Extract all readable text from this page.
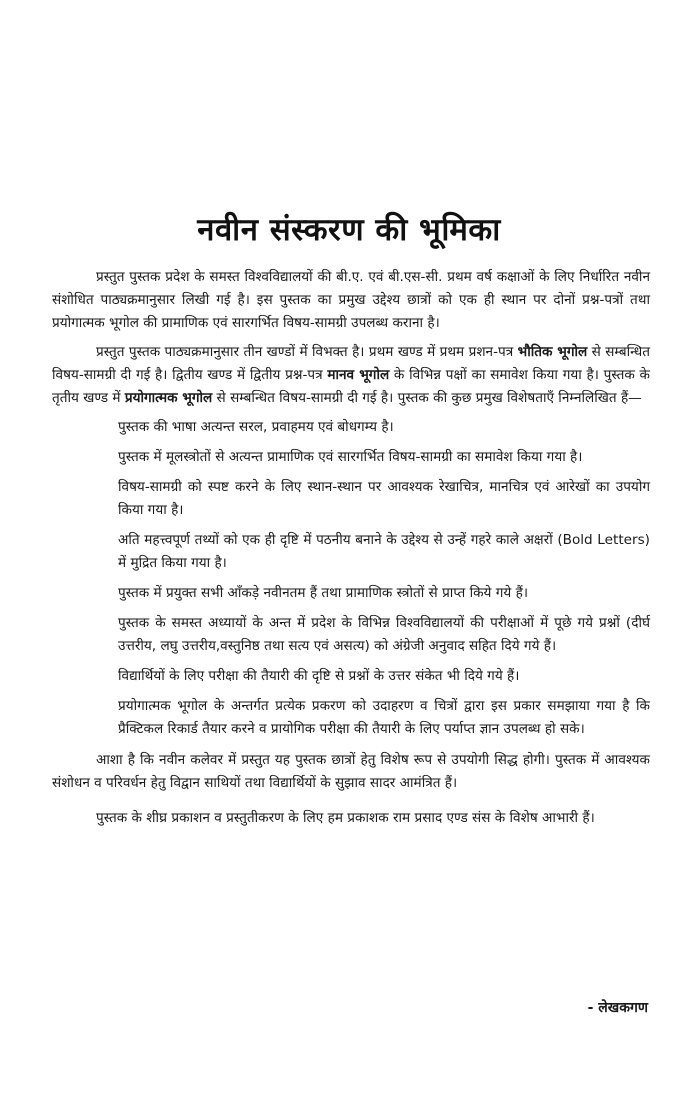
नवीन संस्करण की भूमिका

प्रस्तुत पुस्तक प्रदेश के समस्त विश्वविद्यालयों की बी.ए. एवं बी.एस-सी. प्रथम वर्ष कक्षाओं के लिए निर्धारित नवीन संशोधित पाठ्यक्रमानुसार लिखी गई है। इस पुस्तक का प्रमुख उद्देश्य छात्रों को एक ही स्थान पर दोनों प्रश्न-पत्रों तथा प्रयोगात्मक भूगोल की प्रामाणिक एवं सारगर्भित विषय-सामग्री उपलब्ध कराना है।

प्रस्तुत पुस्तक पाठ्यक्रमानुसार तीन खण्डों में विभक्त है। प्रथम खण्ड में प्रथम प्रशन-पत्र भौतिक भूगोल से सम्बन्धित विषय-सामग्री दी गई है। द्वितीय खण्ड में द्वितीय प्रश्न-पत्र मानव भूगोल के विभिन्न पक्षों का समावेश किया गया है। पुस्तक के तृतीय खण्ड में प्रयोगात्मक भूगोल से सम्बन्धित विषय-सामग्री दी गई है। पुस्तक की कुछ प्रमुख विशेषताएँ निम्नलिखित हैं—

पुस्तक की भाषा अत्यन्त सरल, प्रवाहमय एवं बोधगम्य है।
पुस्तक में मूलस्त्रोतों से अत्यन्त प्रामाणिक एवं सारगर्भित विषय-सामग्री का समावेश किया गया है।
विषय-सामग्री को स्पष्ट करने के लिए स्थान-स्थान पर आवश्यक रेखाचित्र, मानचित्र एवं आरेखों का उपयोग किया गया है।
अति महत्त्वपूर्ण तथ्यों को एक ही दृष्टि में पठनीय बनाने के उद्देश्य से उन्हें गहरे काले अक्षरों (Bold Letters) में मुद्रित किया गया है।
पुस्तक में प्रयुक्त सभी आँकड़े नवीनतम हैं तथा प्रामाणिक स्त्रोतों से प्राप्त किये गये हैं।
पुस्तक के समस्त अध्यायों के अन्त में प्रदेश के विभिन्न विश्वविद्यालयों की परीक्षाओं में पूछे गये प्रश्नों (दीर्घ उत्तरीय, लघु उत्तरीय,वस्तुनिष्ठ तथा सत्य एवं असत्य) को अंग्रेजी अनुवाद सहित दिये गये हैं।
विद्यार्थियों के लिए परीक्षा की तैयारी की दृष्टि से प्रश्नों के उत्तर संकेत भी दिये गये हैं।
प्रयोगात्मक भूगोल के अन्तर्गत प्रत्येक प्रकरण को उदाहरण व चित्रों द्वारा इस प्रकार समझाया गया है कि प्रैक्टिकल रिकार्ड तैयार करने व प्रायोगिक परीक्षा की तैयारी के लिए पर्याप्त ज्ञान उपलब्ध हो सके।

आशा है कि नवीन कलेवर में प्रस्तुत यह पुस्तक छात्रों हेतु विशेष रूप से उपयोगी सिद्ध होगी। पुस्तक में आवश्यक संशोधन व परिवर्धन हेतु विद्वान साथियों तथा विद्यार्थियों के सुझाव सादर आमंत्रित हैं।

पुस्तक के शीघ्र प्रकाशन व प्रस्तुतीकरण के लिए हम प्रकाशक राम प्रसाद एण्ड संस के विशेष आभारी हैं।

- लेखकगण
